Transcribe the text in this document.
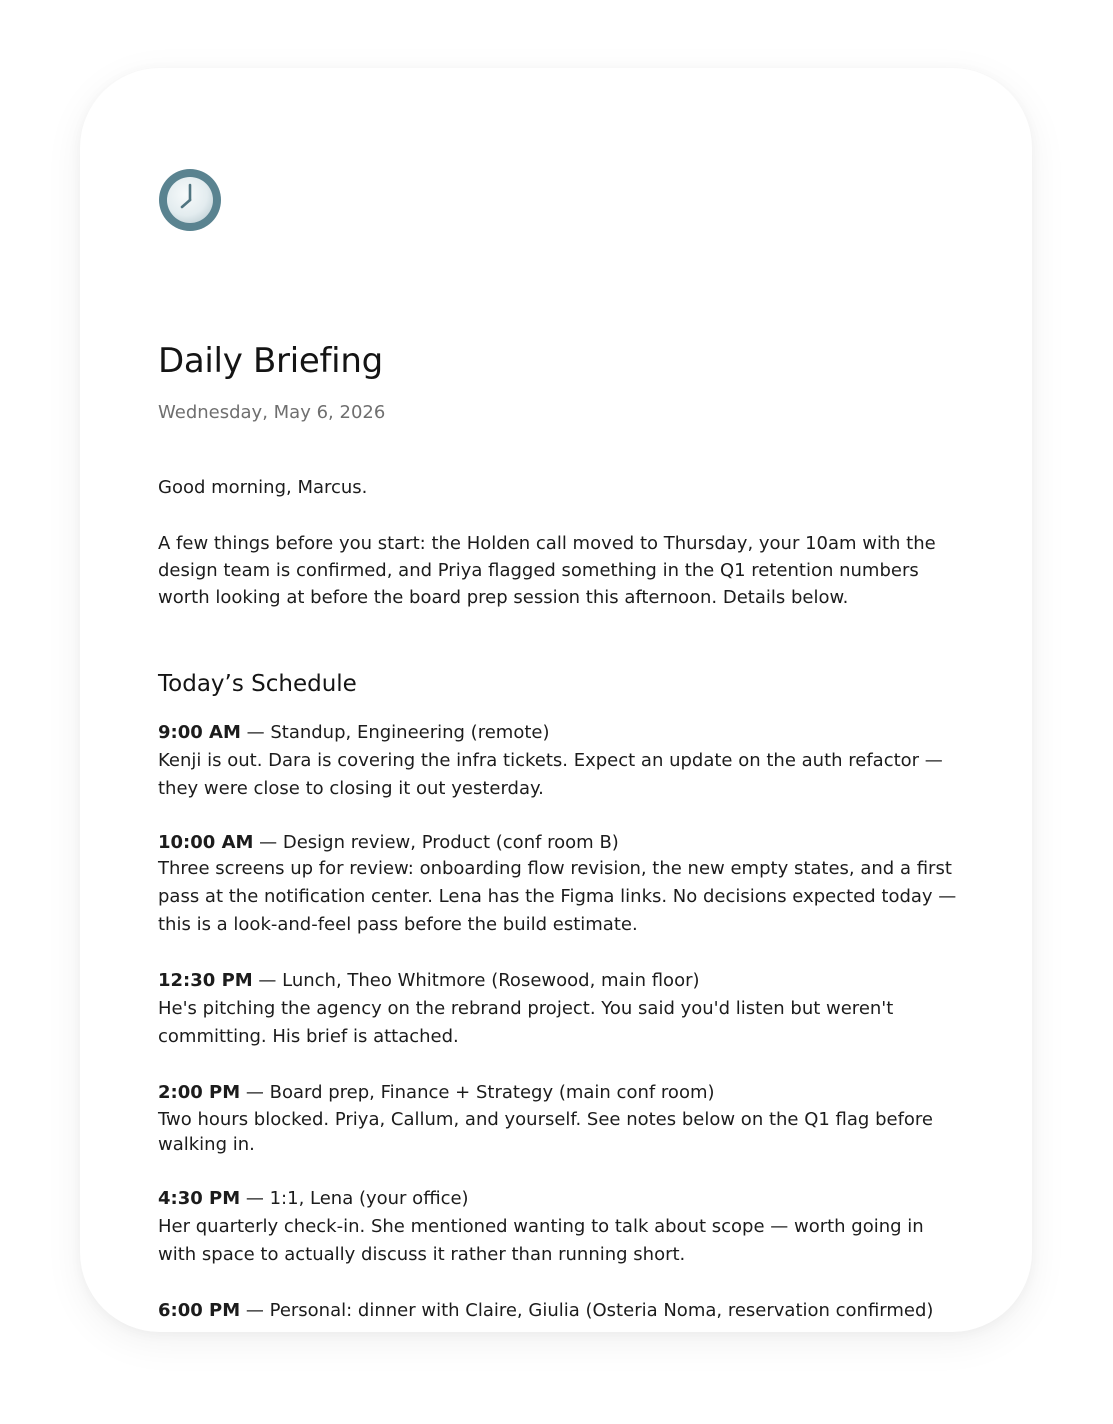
Daily Briefing
Wednesday, May 6, 2026

Good morning, Marcus.

A few things before you start: the Holden call moved to Thursday, your 10am with the design team is confirmed, and Priya flagged something in the Q1 retention numbers worth looking at before the board prep session this afternoon. Details below.

Today’s Schedule
9:00 AM — Standup, Engineering (remote)

Kenji is out. Dara is covering the infra tickets. Expect an update on the auth refactor — they were close to closing it out yesterday.

10:00 AM — Design review, Product (conf room B)

Three screens up for review: onboarding flow revision, the new empty states, and a first pass at the notification center. Lena has the Figma links. No decisions expected today — this is a look-and-feel pass before the build estimate.

12:30 PM — Lunch, Theo Whitmore (Rosewood, main floor)

He's pitching the agency on the rebrand project. You said you'd listen but weren't committing. His brief is attached.

2:00 PM — Board prep, Finance + Strategy (main conf room)

Two hours blocked. Priya, Callum, and yourself. See notes below on the Q1 flag before walking in.

4:30 PM — 1:1, Lena (your office)

Her quarterly check-in. She mentioned wanting to talk about scope — worth going in with space to actually discuss it rather than running short.

6:00 PM — Personal: dinner with Claire, Giulia (Osteria Noma, reservation confirmed)
